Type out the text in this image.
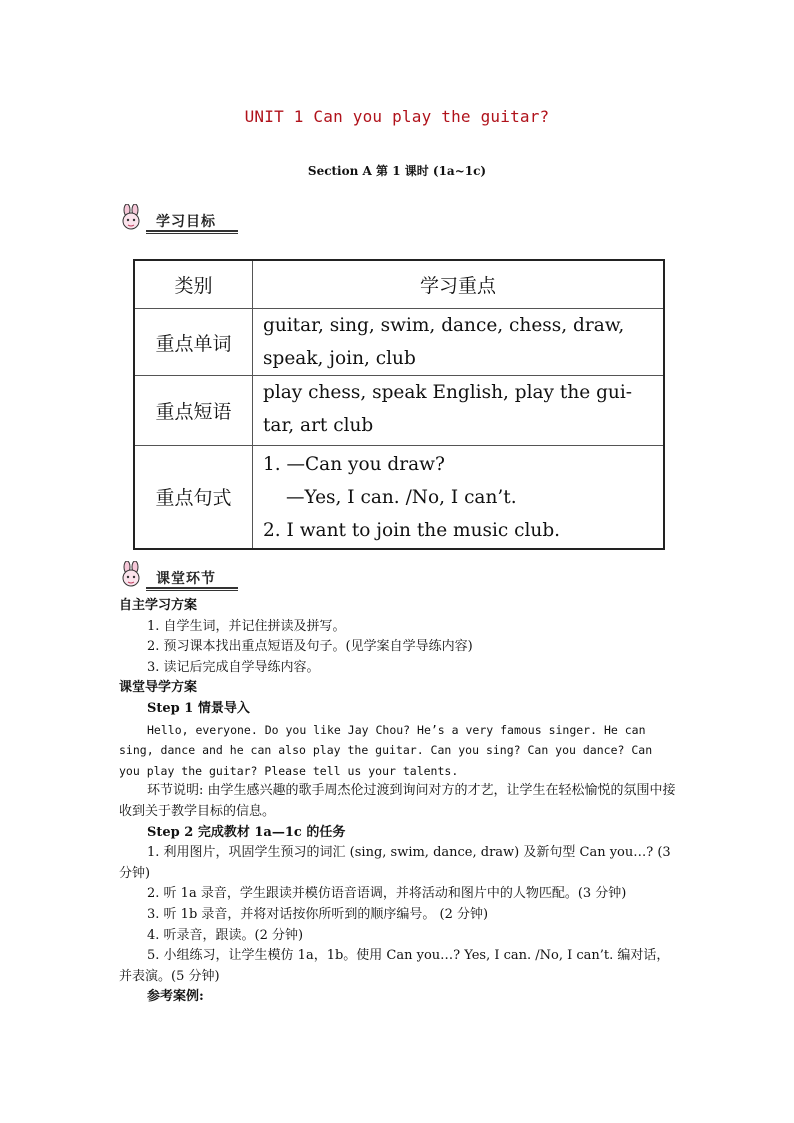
UNIT 1 Can you play the guitar?
Section A 第 1 课时 (1a~1c)
学习目标
类别	学习重点
重点单词	guitar, sing, swim, dance, chess, draw,
speak, join, club

重点短语	play chess, speak English, play the gui-
tar, art club

重点句式	1. —Can you draw?
—Yes, I can. /No, I can’t.
2. I want to join the music club.
课堂环节
自主学习方案
1. 自学生词，并记住拼读及拼写。
2. 预习课本找出重点短语及句子。(见学案自学导练内容)
3. 读记后完成自学导练内容。
课堂导学方案
Step 1 情景导入
Hello, everyone. Do you like Jay Chou? He’s a very famous singer. He can sing, dance and he can also play the guitar. Can you sing? Can you dance? Can you play the guitar? Please tell us your talents.
环节说明: 由学生感兴趣的歌手周杰伦过渡到询问对方的才艺，让学生在轻松愉悦的氛围中接收到关于教学目标的信息。
Step 2 完成教材 1a—1c 的任务
1. 利用图片，巩固学生预习的词汇 (sing, swim, dance, draw) 及新句型 Can you…? (3 分钟)
2. 听 1a 录音，学生跟读并模仿语音语调，并将活动和图片中的人物匹配。(3 分钟)
3. 听 1b 录音，并将对话按你所听到的顺序编号。 (2 分钟)
4. 听录音，跟读。(2 分钟)
5. 小组练习，让学生模仿 1a，1b。使用 Can you…? Yes, I can. /No, I can’t. 编对话，并表演。(5 分钟)
参考案例:
